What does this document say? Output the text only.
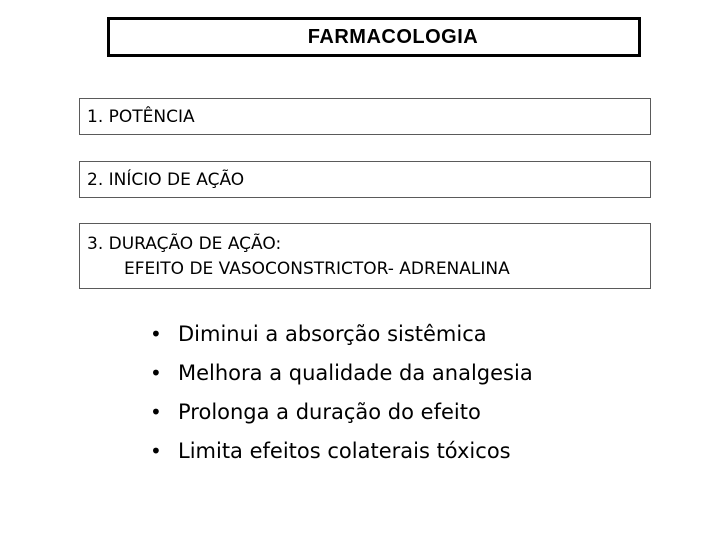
FARMACOLOGIA
1. POTÊNCIA
2. INÍCIO DE AÇÃO
3. DURAÇÃO DE AÇÃO:
EFEITO DE VASOCONSTRICTOR- ADRENALINA
• Diminui a absorção sistêmica
• Melhora a qualidade da analgesia
• Prolonga a duração do efeito
• Limita efeitos colaterais tóxicos
